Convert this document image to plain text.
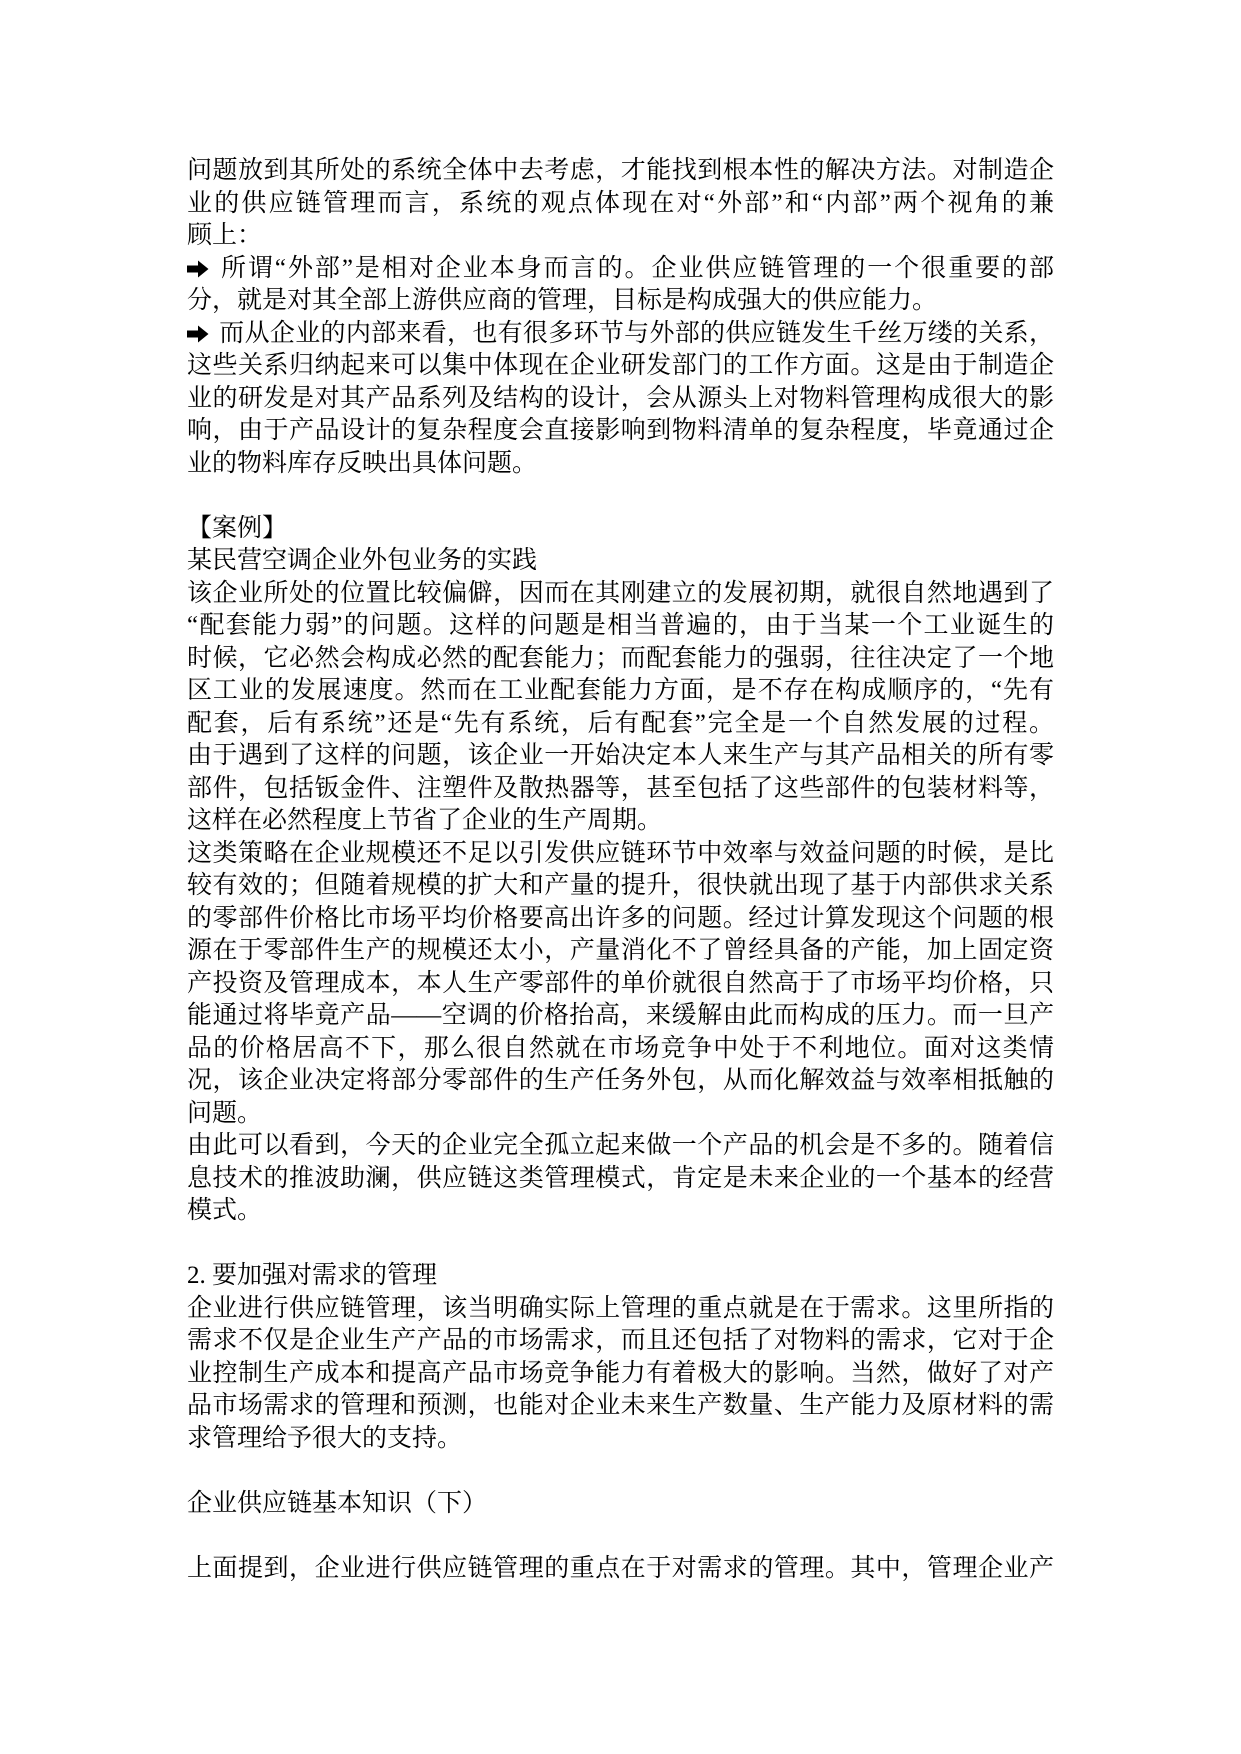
问题放到其所处的系统全体中去考虑，才能找到根本性的解决方法。对制造企
业的供应链管理而言，系统的观点体现在对“外部”和“内部”两个视角的兼
顾上：
所谓“外部”是相对企业本身而言的。企业供应链管理的一个很重要的部
分，就是对其全部上游供应商的管理，目标是构成强大的供应能力。
而从企业的内部来看，也有很多环节与外部的供应链发生千丝万缕的关系，
这些关系归纳起来可以集中体现在企业研发部门的工作方面。这是由于制造企
业的研发是对其产品系列及结构的设计，会从源头上对物料管理构成很大的影
响，由于产品设计的复杂程度会直接影响到物料清单的复杂程度，毕竟通过企
业的物料库存反映出具体问题。
【案例】
某民营空调企业外包业务的实践
该企业所处的位置比较偏僻，因而在其刚建立的发展初期，就很自然地遇到了
“配套能力弱”的问题。这样的问题是相当普遍的，由于当某一个工业诞生的
时候，它必然会构成必然的配套能力；而配套能力的强弱，往往决定了一个地
区工业的发展速度。然而在工业配套能力方面，是不存在构成顺序的，“先有
配套，后有系统”还是“先有系统，后有配套”完全是一个自然发展的过程。
由于遇到了这样的问题，该企业一开始决定本人来生产与其产品相关的所有零
部件，包括钣金件、注塑件及散热器等，甚至包括了这些部件的包装材料等，
这样在必然程度上节省了企业的生产周期。
这类策略在企业规模还不足以引发供应链环节中效率与效益问题的时候，是比
较有效的；但随着规模的扩大和产量的提升，很快就出现了基于内部供求关系
的零部件价格比市场平均价格要高出许多的问题。经过计算发现这个问题的根
源在于零部件生产的规模还太小，产量消化不了曾经具备的产能，加上固定资
产投资及管理成本，本人生产零部件的单价就很自然高于了市场平均价格，只
能通过将毕竟产品——空调的价格抬高，来缓解由此而构成的压力。而一旦产
品的价格居高不下，那么很自然就在市场竞争中处于不利地位。面对这类情
况，该企业决定将部分零部件的生产任务外包，从而化解效益与效率相抵触的
问题。
由此可以看到，今天的企业完全孤立起来做一个产品的机会是不多的。随着信
息技术的推波助澜，供应链这类管理模式，肯定是未来企业的一个基本的经营
模式。
2. 要加强对需求的管理
企业进行供应链管理，该当明确实际上管理的重点就是在于需求。这里所指的
需求不仅是企业生产产品的市场需求，而且还包括了对物料的需求，它对于企
业控制生产成本和提高产品市场竞争能力有着极大的影响。当然，做好了对产
品市场需求的管理和预测，也能对企业未来生产数量、生产能力及原材料的需
求管理给予很大的支持。
企业供应链基本知识（下）
上面提到，企业进行供应链管理的重点在于对需求的管理。其中，管理企业产
